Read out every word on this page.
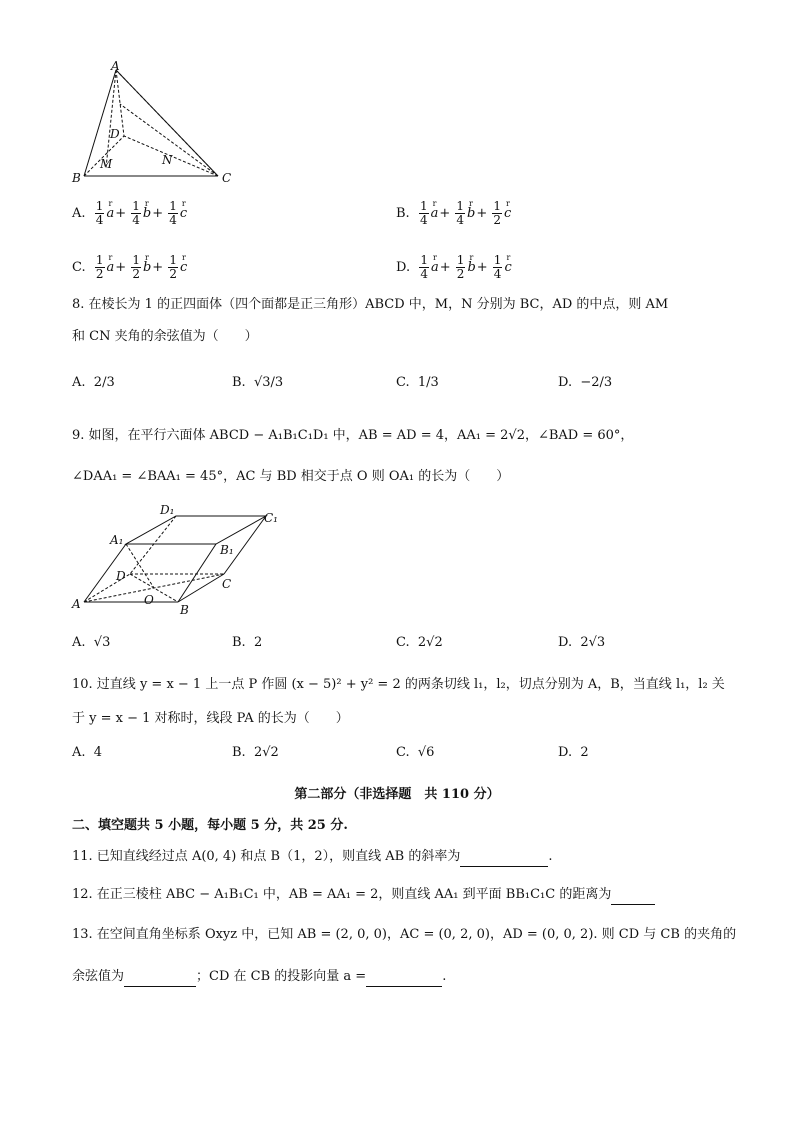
A
B	C
D
M	N
A. $\frac{1}{4}$ r $a+ \frac{1}{4}$ r $b+ \frac{1}{4}$ r c	B. $\frac{1}{4}$ r $a+ \frac{1}{4}$ r $b+ \frac{1}{2}$ r c
C. $\frac{1}{2}$ r $a+ \frac{1}{2}$ r $b+ \frac{1}{2}$ r c	D. $\frac{1}{4}$ r $a+ \frac{1}{2}$ r $b+ \frac{1}{4}$ r c
8. 在棱长为 1 的正四面体（四个面都是正三角形）ABCD 中，M，N 分别为 BC，AD 的中点，则 AM
和 CN 夹角的余弦值为（　　）
A. 2/3	B. √3/3	C. 1/3	D. −2/3
9. 如图，在平行六面体 ABCD − A₁B₁C₁D₁ 中，AB = AD = 4，AA₁ = 2√2，∠BAD = 60°，
∠DAA₁ = ∠BAA₁ = 45°，AC 与 BD 相交于点 O 则 OA₁ 的长为（　　）
D₁
C₁
A₁
B₁
D
C
O
A	B
A. √3	B. 2	C. 2√2	D. 2√3
10. 过直线 y = x − 1 上一点 P 作圆 (x − 5)² + y² = 2 的两条切线 l₁，l₂，切点分别为 A，B，当直线 l₁，l₂ 关
于 y = x − 1 对称时，线段 PA 的长为（　　）
A. 4	B. 2√2	C. √6	D. 2
第二部分（非选择题　共 110 分）
二、填空题共 5 小题，每小题 5 分，共 25 分.
11. 已知直线经过点 A(0, 4) 和点 B（1，2），则直线 AB 的斜率为	.
12. 在正三棱柱 ABC − A₁B₁C₁ 中，AB = AA₁ = 2，则直线 AA₁ 到平面 BB₁C₁C 的距离为
13. 在空间直角坐标系 Oxyz 中，已知 AB = (2, 0, 0)，AC = (0, 2, 0)，AD = (0, 0, 2). 则 CD 与 CB 的夹角的
余弦值为	；CD 在 CB 的投影向量 a =	.
